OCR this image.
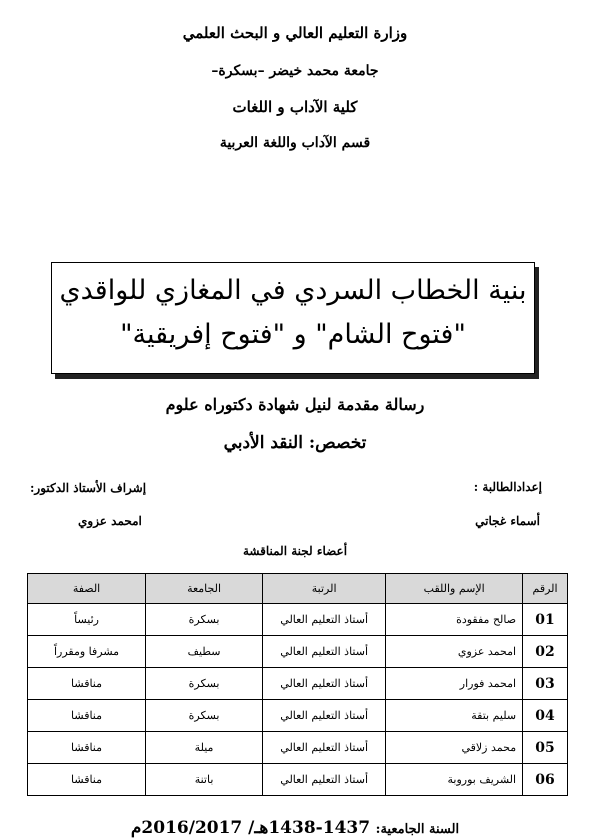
وزارة التعليم العالي و البحث العلمي
جامعة محمد خيضر –بسكرة–
كلية الآداب و اللغات
قسم الآداب واللغة العربية
بنية الخطاب السردي في المغازي للواقدي
"فتوح الشام" و "فتوح إفريقية"
رسالة مقدمة لنيل شهادة دكتوراه علوم
تخصص: النقد الأدبي
إعدادالطالبة :
أسماء غجاتي
إشراف الأستاذ الدكتور:
امحمد عزوي
أعضاء لجنة المناقشة
الرقم	الإسم واللقب	الرتبة	الجامعة	الصفة
01	صالح مفقودة	أستاذ التعليم العالي	بسكرة	رئيساً
02	امحمد عزوي	أستاذ التعليم العالي	سطيف	مشرفا ومقرراً
03	امحمد فورار	أستاذ التعليم العالي	بسكرة	مناقشا
04	سليم بتقة	أستاذ التعليم العالي	بسكرة	مناقشا
05	محمد زلاقي	أستاذ التعليم العالي	ميلة	مناقشا
06	الشريف بوروبة	أستاذ التعليم العالي	باتنة	مناقشا
السنة الجامعية: 1437-1438هـ/ 2016/2017م
